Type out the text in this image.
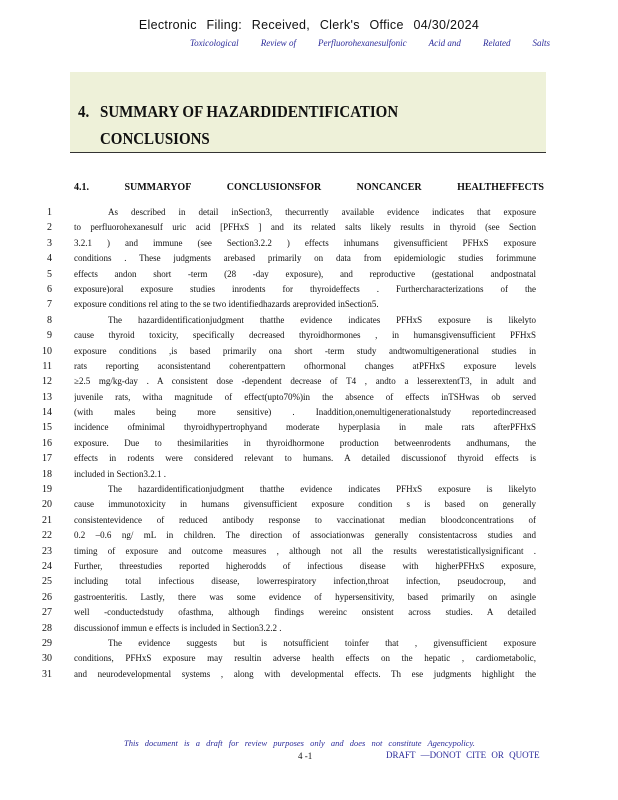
Electronic Filing: Received, Clerk's Office 04/30/2024
Toxicological Review of Perfluorohexanesulfonic Acid and Related Salts
4. SUMMARY OF HAZARDIDENTIFICATION
CONCLUSIONS
4.1.	SUMMARYOF	CONCLUSIONSFOR	NONCANCER	HEALTHEFFECTS
1	As described in detail inSection3, thecurrently available evidence indicates that exposure
2 to perfluorohexanesulf uric acid [PFHxS ] and its related salts likely results in thyroid (see Section
3 3.2.1 ) and immune (see Section3.2.2 ) effects inhumans givensufficient PFHxS exposure
4 conditions . These judgments arebased primarily on data from epidemiologic studies forimmune
5 effects andon short -term (28 -day exposure), and reproductive (gestational andpostnatal
6 exposure)oral exposure studies inrodents for thyroideffects . Furthercharacterizations of the
7 exposure conditions rel ating to the se two identifiedhazards areprovided inSection5.
8	The hazardidentificationjudgment thatthe evidence indicates PFHxS exposure is likelyto
9 cause thyroid toxicity, specifically decreased thyroidhormones , in humansgivensufficient PFHxS
10 exposure conditions ,is based primarily ona short -term study andtwomultigenerational studies in
11 rats reporting aconsistentand coherentpattern ofhormonal changes atPFHxS exposure levels
12 ≥2.5 mg/kg-day . A consistent dose -dependent decrease of T4 , andto a lesserextentT3, in adult and
13 juvenile rats, witha magnitude of effect(upto70%)in the absence of effects inTSHwas ob served
14 (with males being more sensitive) . Inaddition,onemultigenerationalstudy reportedincreased
15 incidence ofminimal thyroidhypertrophyand moderate hyperplasia in male rats afterPFHxS
16 exposure. Due to thesimilarities in thyroidhormone production betweenrodents andhumans, the
17 effects in rodents were considered relevant to humans. A detailed discussionof thyroid effects is
18 included in Section3.2.1 .
19	The hazardidentificationjudgment thatthe evidence indicates PFHxS exposure is likelyto
20 cause immunotoxicity in humans givensufficient exposure condition s is based on generally
21 consistentevidence of reduced antibody response to vaccinationat median bloodconcentrations of
22 0.2 –0.6 ng/ mL in children. The direction of associationwas generally consistentacross studies and
23 timing of exposure and outcome measures , although not all the results werestatisticallysignificant .
24 Further, threestudies reported higherodds of infectious disease with higherPFHxS exposure,
25 including total infectious disease, lowerrespiratory infection,throat infection, pseudocroup, and
26 gastroenteritis. Lastly, there was some evidence of hypersensitivity, based primarily on asingle
27 well -conductedstudy ofasthma, although findings wereinc onsistent across studies. A detailed
28 discussionof immun e effects is included in Section3.2.2 .
29	The evidence suggests but is notsufficient toinfer that , givensufficient exposure
30 conditions, PFHxS exposure may resultin adverse health effects on the hepatic , cardiometabolic,
31 and neurodevelopmental systems , along with developmental effects. Th ese judgments highlight the
This document is a draft for review purposes only and does not constitute Agencypolicy.
4 -1	DRAFT —DONOT CITE OR QUOTE
